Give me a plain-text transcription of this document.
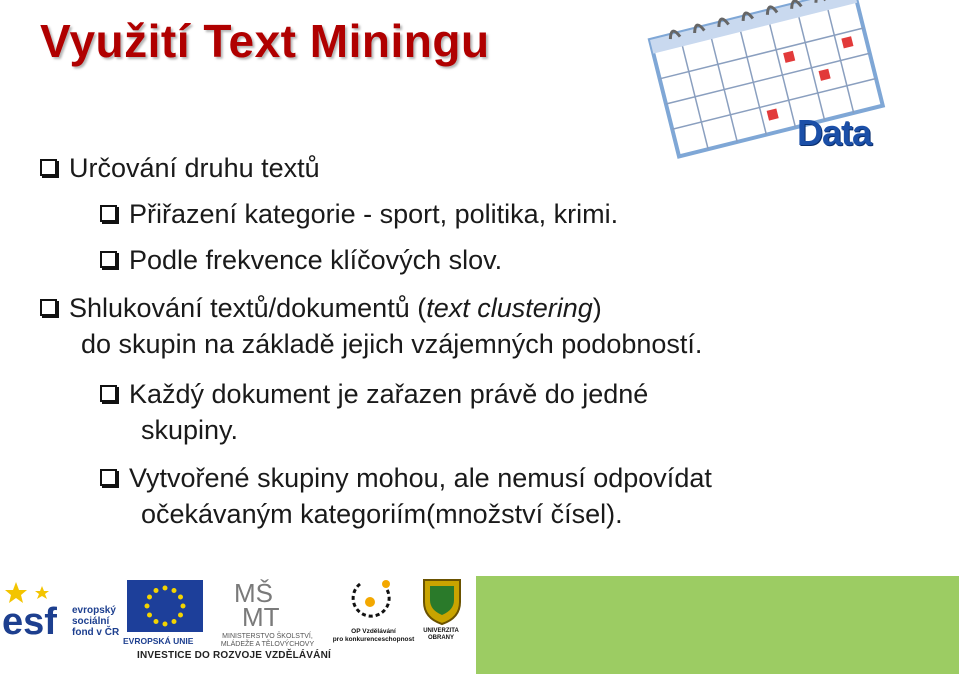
Využití Text Miningu
Data
Určování druhu textů
Přiřazení kategorie - sport, politika, krimi.
Podle frekvence klíčových slov.
Shlukování textů/dokumentů (text clustering)
do skupin na základě jejich vzájemných podobností.
Každý dokument je zařazen právě do jedné
skupiny.
Vytvořené skupiny mohou, ale nemusí odpovídat
očekávaným kategoriím(množství čísel).
esf evropský
sociální
fond v ČR
EVROPSKÁ UNIE
MŠ
MT
MINISTERSTVO ŠKOLSTVÍ,
MLÁDEŽE A TĚLOVÝCHOVY
OP Vzdělávání
pro konkurenceschopnost
UNIVERZITA
OBRANY
INVESTICE DO ROZVOJE VZDĚLÁVÁNÍ
